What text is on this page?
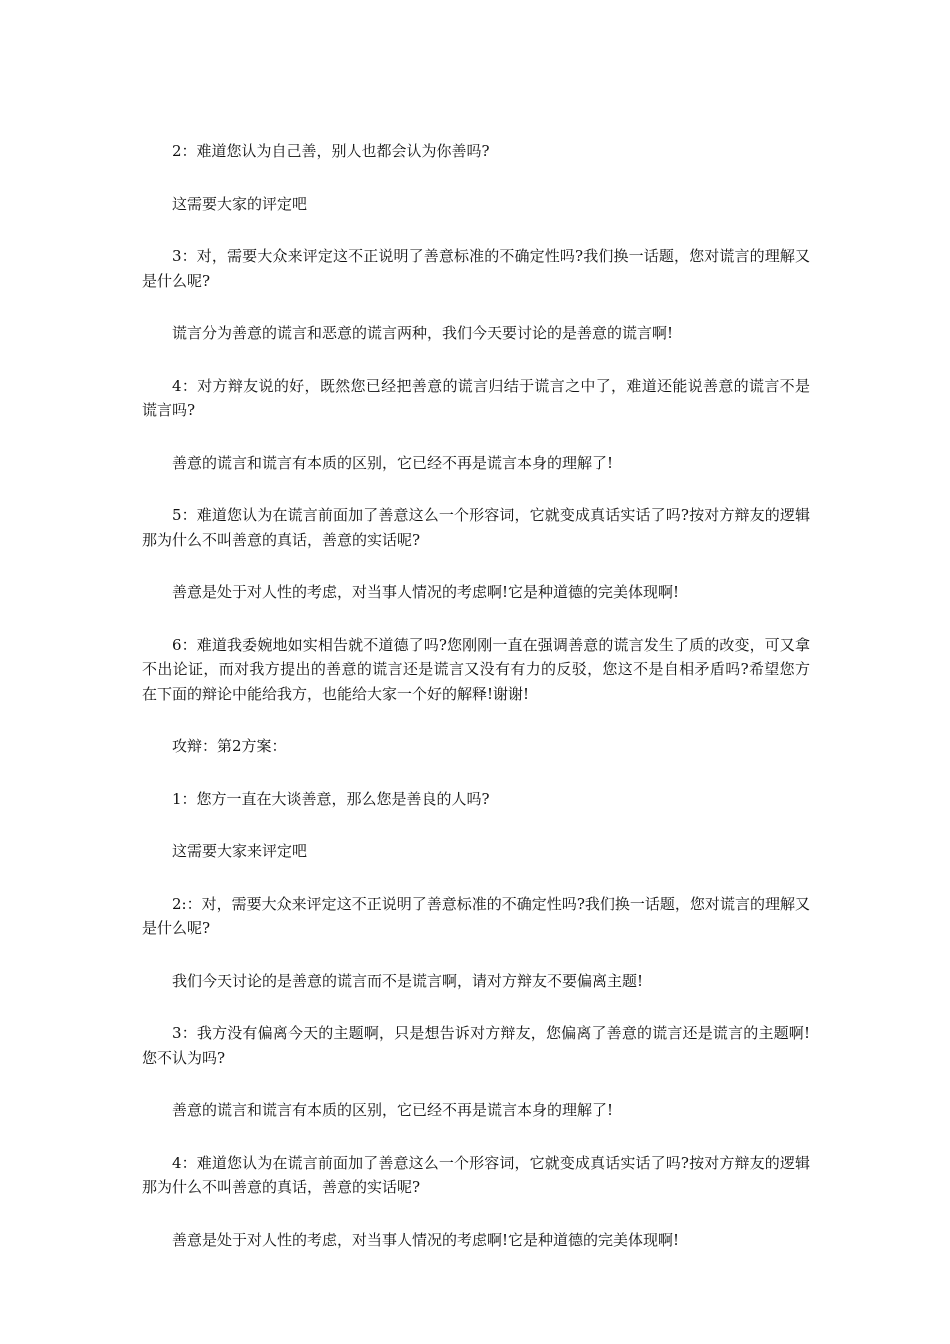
2：难道您认为自己善，别人也都会认为你善吗?

这需要大家的评定吧

3：对，需要大众来评定这不正说明了善意标准的不确定性吗?我们换一话题，您对谎言的理解又是什么呢?

谎言分为善意的谎言和恶意的谎言两种，我们今天要讨论的是善意的谎言啊!

4：对方辩友说的好，既然您已经把善意的谎言归结于谎言之中了，难道还能说善意的谎言不是谎言吗?

善意的谎言和谎言有本质的区别，它已经不再是谎言本身的理解了!

5：难道您认为在谎言前面加了善意这么一个形容词，它就变成真话实话了吗?按对方辩友的逻辑那为什么不叫善意的真话，善意的实话呢?

善意是处于对人性的考虑，对当事人情况的考虑啊!它是种道德的完美体现啊!

6：难道我委婉地如实相告就不道德了吗?您刚刚一直在强调善意的谎言发生了质的改变，可又拿不出论证，而对我方提出的善意的谎言还是谎言又没有有力的反驳，您这不是自相矛盾吗?希望您方在下面的辩论中能给我方，也能给大家一个好的解释!谢谢!

攻辩：第2方案：

1：您方一直在大谈善意，那么您是善良的人吗?

这需要大家来评定吧

2:：对，需要大众来评定这不正说明了善意标准的不确定性吗?我们换一话题，您对谎言的理解又是什么呢?

我们今天讨论的是善意的谎言而不是谎言啊，请对方辩友不要偏离主题!

3：我方没有偏离今天的主题啊，只是想告诉对方辩友，您偏离了善意的谎言还是谎言的主题啊!您不认为吗?

善意的谎言和谎言有本质的区别，它已经不再是谎言本身的理解了!

4：难道您认为在谎言前面加了善意这么一个形容词，它就变成真话实话了吗?按对方辩友的逻辑那为什么不叫善意的真话，善意的实话呢?

善意是处于对人性的考虑，对当事人情况的考虑啊!它是种道德的完美体现啊!
